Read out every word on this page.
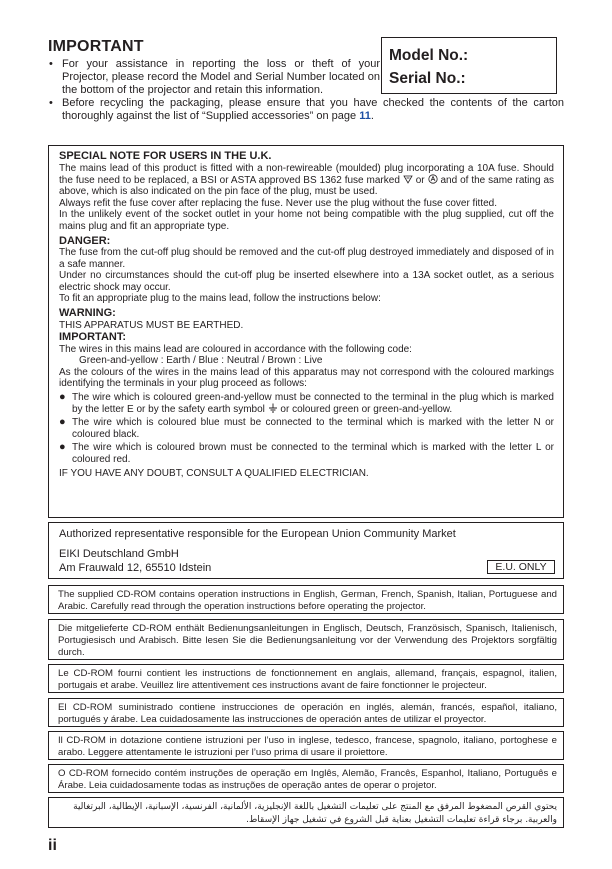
IMPORTANT
Model No.:
Serial No.:
• For your assistance in reporting the loss or theft of your Projector, please record the Model and Serial Number located on the bottom of the projector and retain this information.
• Before recycling the packaging, please ensure that you have checked the contents of the carton thoroughly against the list of “Supplied accessories” on page 11.
SPECIAL NOTE FOR USERS IN THE U.K.

The mains lead of this product is fitted with a non-rewireable (moulded) plug incorporating a 10A fuse. Should the fuse need to be replaced, a BSI or ASTA approved BS 1362 fuse marked  or  and of the same rating as above, which is also indicated on the pin face of the plug, must be used.

Always refit the fuse cover after replacing the fuse. Never use the plug without the fuse cover fitted.

In the unlikely event of the socket outlet in your home not being compatible with the plug supplied, cut off the mains plug and fit an appropriate type.

DANGER:

The fuse from the cut-off plug should be removed and the cut-off plug destroyed immediately and disposed of in a safe manner.

Under no circumstances should the cut-off plug be inserted elsewhere into a 13A socket outlet, as a serious electric shock may occur.

To fit an appropriate plug to the mains lead, follow the instructions below:

WARNING:

THIS APPARATUS MUST BE EARTHED.

IMPORTANT:

The wires in this mains lead are coloured in accordance with the following code:

Green-and-yellow : Earth / Blue : Neutral / Brown : Live

As the colours of the wires in the mains lead of this apparatus may not correspond with the coloured markings identifying the terminals in your plug proceed as follows:

● The wire which is coloured green-and-yellow must be connected to the terminal in the plug which is marked by the letter E or by the safety earth symbol  or coloured green or green-and-yellow.
● The wire which is coloured blue must be connected to the terminal which is marked with the letter N or coloured black.
● The wire which is coloured brown must be connected to the terminal which is marked with the letter L or coloured red.

IF YOU HAVE ANY DOUBT, CONSULT A QUALIFIED ELECTRICIAN.

Authorized representative responsible for the European Union Community Market
EIKI Deutschland GmbH
Am Frauwald 12, 65510 Idstein	E.U. ONLY

The supplied CD-ROM contains operation instructions in English, German, French, Spanish, Italian, Portuguese and Arabic. Carefully read through the operation instructions before operating the projector.

Die mitgelieferte CD-ROM enthält Bedienungsanleitungen in Englisch, Deutsch, Französisch, Spanisch, Italienisch, Portugiesisch und Arabisch. Bitte lesen Sie die Bedienungsanleitung vor der Verwendung des Projektors sorgfältig durch.

Le CD-ROM fourni contient les instructions de fonctionnement en anglais, allemand, français, espagnol, italien, portugais et arabe. Veuillez lire attentivement ces instructions avant de faire fonctionner le projecteur.

El CD-ROM suministrado contiene instrucciones de operación en inglés, alemán, francés, español, italiano, portugués y árabe. Lea cuidadosamente las instrucciones de operación antes de utilizar el proyector.

Il CD-ROM in dotazione contiene istruzioni per l’uso in inglese, tedesco, francese, spagnolo, italiano, portoghese e arabo. Leggere attentamente le istruzioni per l’uso prima di usare il proiettore.

O CD-ROM fornecido contém instruções de operação em Inglês, Alemão, Francês, Espanhol, Italiano, Português e Árabe. Leia cuidadosamente todas as instruções de operação antes de operar o projetor.

يحتوي القرص المضغوط المرفق مع المنتج على تعليمات التشغيل باللغة الإنجليزية، الألمانية، الفرنسية، الإسبانية، الإيطالية، البرتغالية والعربية. برجاء قراءة تعليمات التشغيل بعناية قبل الشروع في تشغيل جهاز الإسقاط.

ii
